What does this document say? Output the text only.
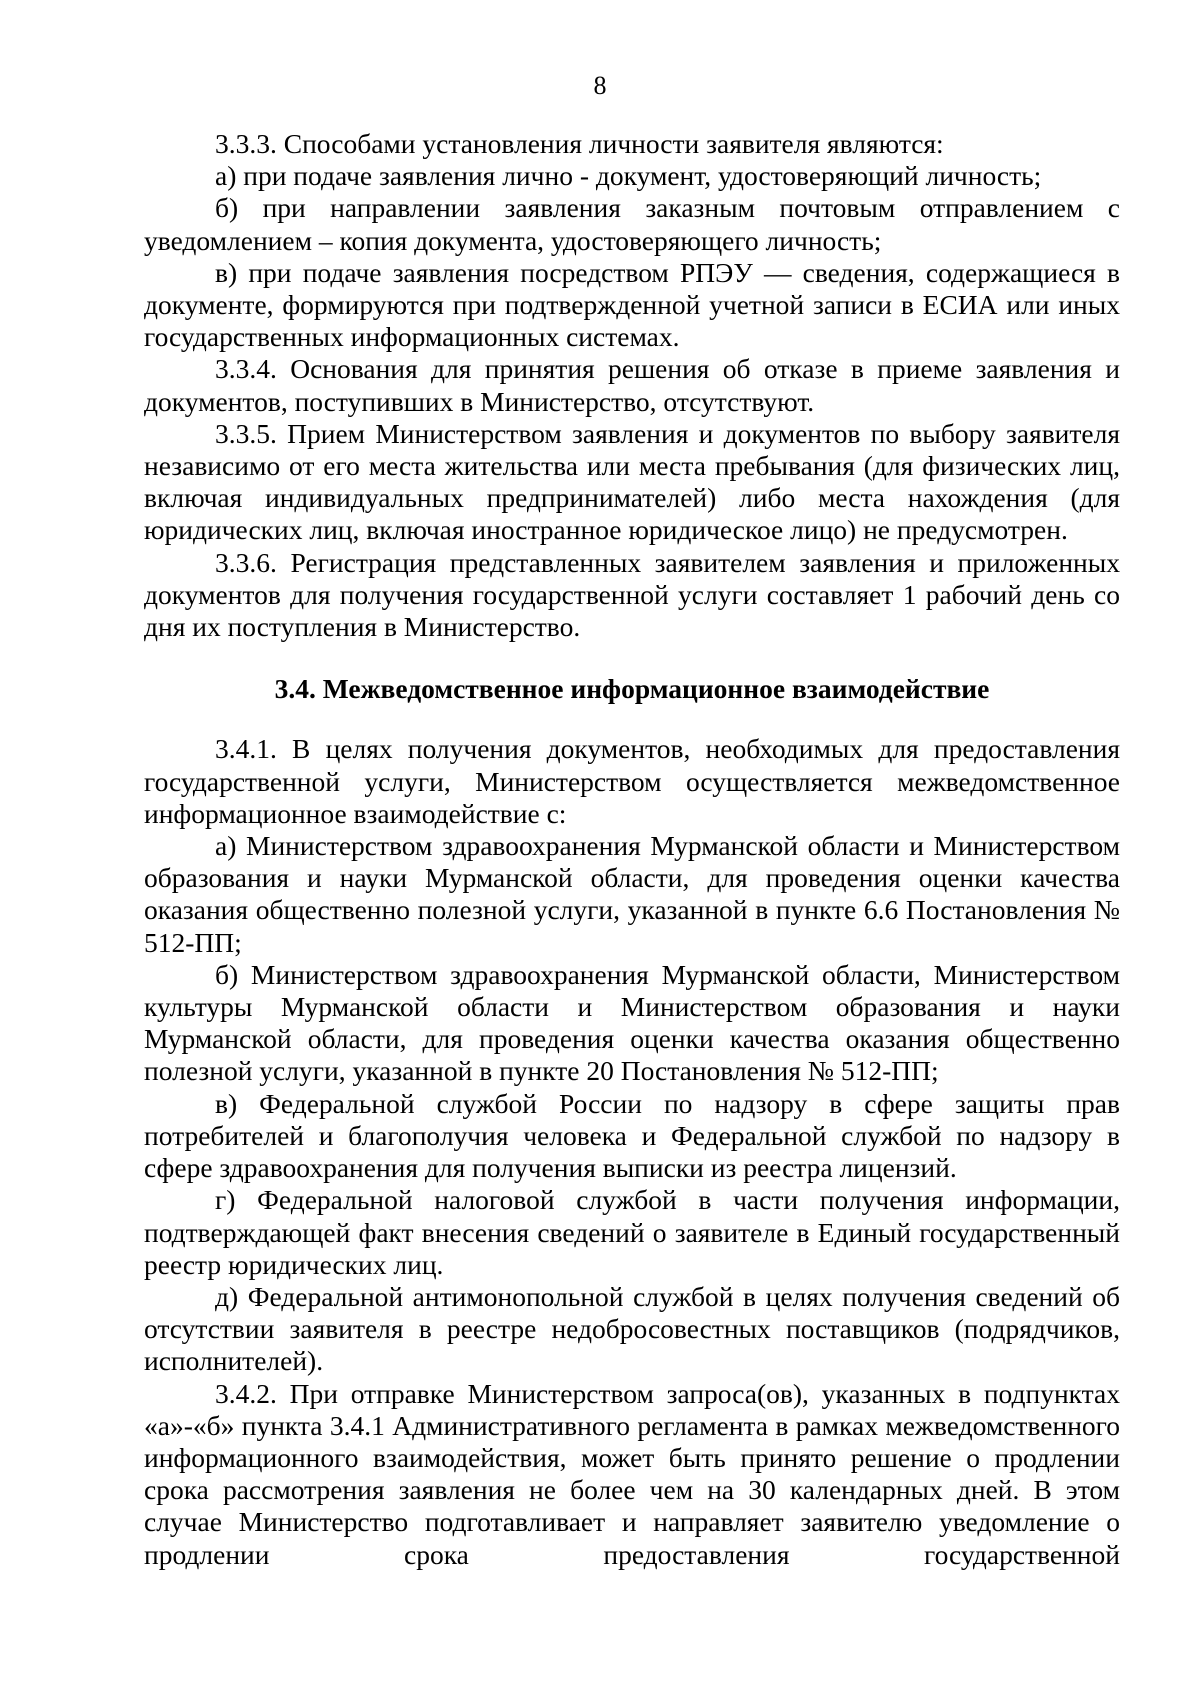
8

3.3.3. Способами установления личности заявителя являются:

а) при подаче заявления лично - документ, удостоверяющий личность;

б) при направлении заявления заказным почтовым отправлением с уведомлением – копия документа, удостоверяющего личность;

в) при подаче заявления посредством РПЭУ — сведения, содержащиеся в документе, формируются при подтвержденной учетной записи в ЕСИА или иных государственных информационных системах.

3.3.4. Основания для принятия решения об отказе в приеме заявления и документов, поступивших в Министерство, отсутствуют.

3.3.5. Прием Министерством заявления и документов по выбору заявителя независимо от его места жительства или места пребывания (для физических лиц, включая индивидуальных предпринимателей) либо места нахождения (для юридических лиц, включая иностранное юридическое лицо) не предусмотрен.

3.3.6. Регистрация представленных заявителем заявления и приложенных документов для получения государственной услуги составляет 1 рабочий день со дня их поступления в Министерство.

3.4. Межведомственное информационное взаимодействие

3.4.1. В целях получения документов, необходимых для предоставления государственной услуги, Министерством осуществляется межведомственное информационное взаимодействие с:

а) Министерством здравоохранения Мурманской области и Министерством образования и науки Мурманской области, для проведения оценки качества оказания общественно полезной услуги, указанной в пункте 6.6 Постановления № 512-ПП;

б) Министерством здравоохранения Мурманской области, Министерством культуры Мурманской области и Министерством образования и науки Мурманской области, для проведения оценки качества оказания общественно полезной услуги, указанной в пункте 20 Постановления № 512-ПП;

в) Федеральной службой России по надзору в сфере защиты прав потребителей и благополучия человека и Федеральной службой по надзору в сфере здравоохранения для получения выписки из реестра лицензий.

г) Федеральной налоговой службой в части получения информации, подтверждающей факт внесения сведений о заявителе в Единый государственный реестр юридических лиц.

д) Федеральной антимонопольной службой в целях получения сведений об отсутствии заявителя в реестре недобросовестных поставщиков (подрядчиков, исполнителей).

3.4.2. При отправке Министерством запроса(ов), указанных в подпунктах «а»-«б» пункта 3.4.1 Административного регламента в рамках межведомственного информационного взаимодействия, может быть принято решение о продлении срока рассмотрения заявления не более чем на 30 календарных дней. В этом случае Министерство подготавливает и направляет заявителю уведомление о продлении срока предоставления государственной
